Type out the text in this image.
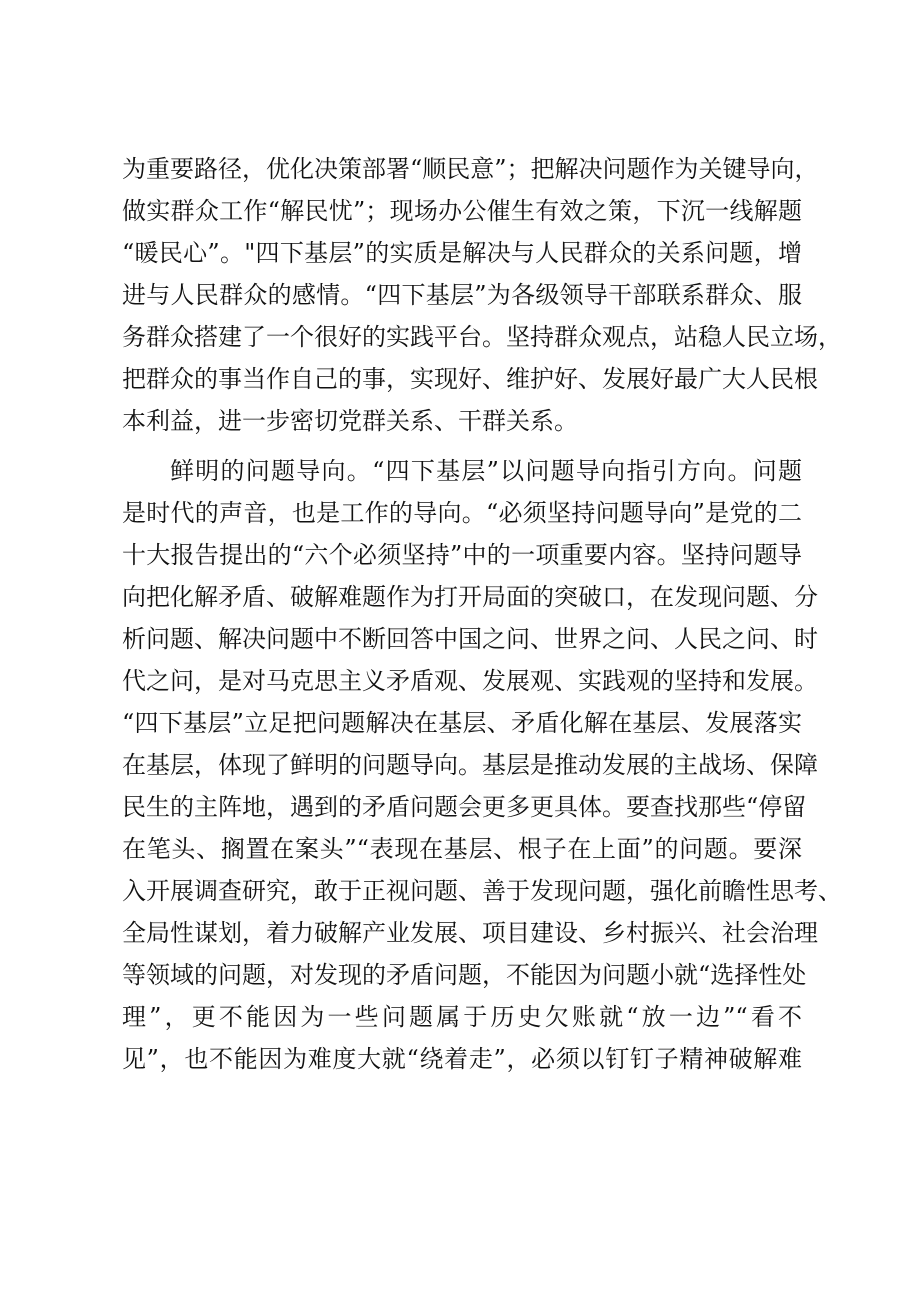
为重要路径，优化决策部署“顺民意”；把解决问题作为关键导向，
做实群众工作“解民忧”；现场办公催生有效之策，下沉一线解题
“暖民心”。"四下基层”的实质是解决与人民群众的关系问题，增
进与人民群众的感情。“四下基层”为各级领导干部联系群众、服
务群众搭建了一个很好的实践平台。坚持群众观点，站稳人民立场，
把群众的事当作自己的事，实现好、维护好、发展好最广大人民根
本利益，进一步密切党群关系、干群关系。
鲜明的问题导向。“四下基层”以问题导向指引方向。问题
是时代的声音，也是工作的导向。“必须坚持问题导向”是党的二
十大报告提出的“六个必须坚持”中的一项重要内容。坚持问题导
向把化解矛盾、破解难题作为打开局面的突破口，在发现问题、分
析问题、解决问题中不断回答中国之问、世界之问、人民之问、时
代之问，是对马克思主义矛盾观、发展观、实践观的坚持和发展。
“四下基层”立足把问题解决在基层、矛盾化解在基层、发展落实
在基层，体现了鲜明的问题导向。基层是推动发展的主战场、保障
民生的主阵地，遇到的矛盾问题会更多更具体。要查找那些“停留
在笔头、搁置在案头”“表现在基层、根子在上面”的问题。要深
入开展调查研究，敢于正视问题、善于发现问题，强化前瞻性思考、
全局性谋划，着力破解产业发展、项目建设、乡村振兴、社会治理
等领域的问题，对发现的矛盾问题，不能因为问题小就“选择性处
理”，更不能因为一些问题属于历史欠账就“放一边”“看不
见”，也不能因为难度大就“绕着走”，必须以钉钉子精神破解难
